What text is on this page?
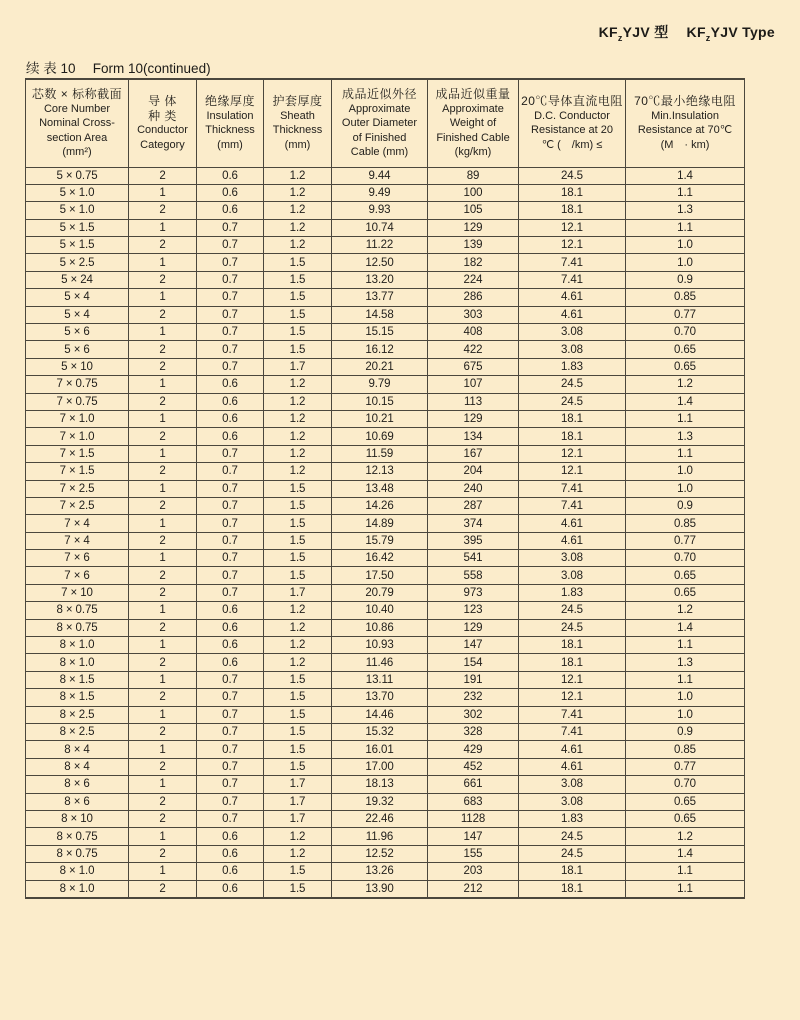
$KF_zYJV$ 型 $KF_zYJV$ Type
续 表 10　 Form 10(continued)
芯数 × 标称截面
Core Number
Nominal Cross-
section Area
(mm²)

导 体
种 类
Conductor
Category

绝缘厚度
Insulation
Thickness
(mm)

护套厚度
Sheath
Thickness
(mm)

成品近似外径
Approximate
Outer Diameter
of Finished
Cable (mm)

成品近似重量
Approximate
Weight of
Finished Cable
(kg/km)

20℃导体直流电阻
D.C. Conductor
Resistance at 20
℃ (　/km) ≤

70℃最小绝缘电阻
Min.Insulation
Resistance at 70℃
(M　· km)

5 × 0.75	2	0.6	1.2	9.44	89	24.5	1.4
5 × 1.0	1	0.6	1.2	9.49	100	18.1	1.1
5 × 1.0	2	0.6	1.2	9.93	105	18.1	1.3
5 × 1.5	1	0.7	1.2	10.74	129	12.1	1.1
5 × 1.5	2	0.7	1.2	11.22	139	12.1	1.0
5 × 2.5	1	0.7	1.5	12.50	182	7.41	1.0
5 × 24	2	0.7	1.5	13.20	224	7.41	0.9
5 × 4	1	0.7	1.5	13.77	286	4.61	0.85
5 × 4	2	0.7	1.5	14.58	303	4.61	0.77
5 × 6	1	0.7	1.5	15.15	408	3.08	0.70
5 × 6	2	0.7	1.5	16.12	422	3.08	0.65
5 × 10	2	0.7	1.7	20.21	675	1.83	0.65
7 × 0.75	1	0.6	1.2	9.79	107	24.5	1.2
7 × 0.75	2	0.6	1.2	10.15	113	24.5	1.4
7 × 1.0	1	0.6	1.2	10.21	129	18.1	1.1
7 × 1.0	2	0.6	1.2	10.69	134	18.1	1.3
7 × 1.5	1	0.7	1.2	11.59	167	12.1	1.1
7 × 1.5	2	0.7	1.2	12.13	204	12.1	1.0
7 × 2.5	1	0.7	1.5	13.48	240	7.41	1.0
7 × 2.5	2	0.7	1.5	14.26	287	7.41	0.9
7 × 4	1	0.7	1.5	14.89	374	4.61	0.85
7 × 4	2	0.7	1.5	15.79	395	4.61	0.77
7 × 6	1	0.7	1.5	16.42	541	3.08	0.70
7 × 6	2	0.7	1.5	17.50	558	3.08	0.65
7 × 10	2	0.7	1.7	20.79	973	1.83	0.65
8 × 0.75	1	0.6	1.2	10.40	123	24.5	1.2
8 × 0.75	2	0.6	1.2	10.86	129	24.5	1.4
8 × 1.0	1	0.6	1.2	10.93	147	18.1	1.1
8 × 1.0	2	0.6	1.2	11.46	154	18.1	1.3
8 × 1.5	1	0.7	1.5	13.11	191	12.1	1.1
8 × 1.5	2	0.7	1.5	13.70	232	12.1	1.0
8 × 2.5	1	0.7	1.5	14.46	302	7.41	1.0
8 × 2.5	2	0.7	1.5	15.32	328	7.41	0.9
8 × 4	1	0.7	1.5	16.01	429	4.61	0.85
8 × 4	2	0.7	1.5	17.00	452	4.61	0.77
8 × 6	1	0.7	1.7	18.13	661	3.08	0.70
8 × 6	2	0.7	1.7	19.32	683	3.08	0.65
8 × 10	2	0.7	1.7	22.46	1128	1.83	0.65
8 × 0.75	1	0.6	1.2	11.96	147	24.5	1.2
8 × 0.75	2	0.6	1.2	12.52	155	24.5	1.4
8 × 1.0	1	0.6	1.5	13.26	203	18.1	1.1
8 × 1.0	2	0.6	1.5	13.90	212	18.1	1.1
